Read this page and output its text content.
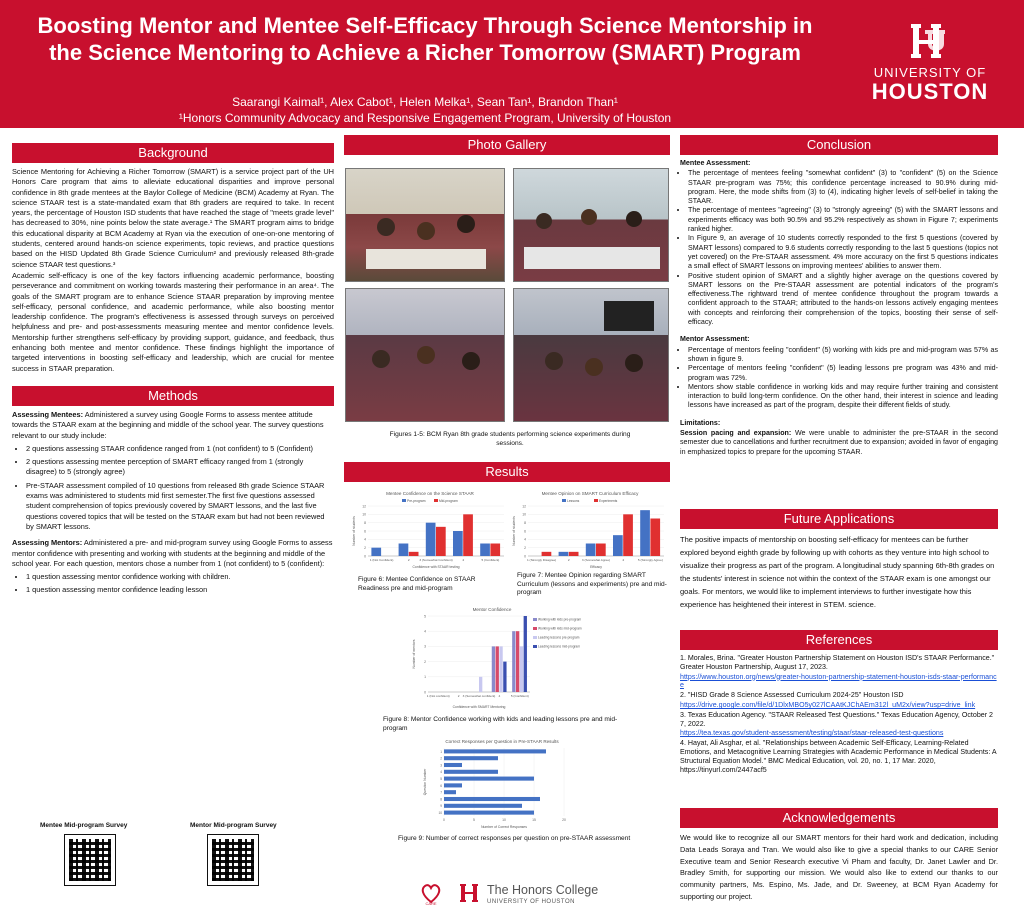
Boosting Mentor and Mentee Self-Efficacy Through Science Mentorship in the Science Mentoring to Achieve a Richer Tomorrow (SMART) Program
Saarangi Kaimal¹, Alex Cabot¹, Helen Melka¹, Sean Tan¹, Brandon Than¹
¹Honors Community Advocacy and Responsive Engagement Program, University of Houston
UNIVERSITY OF
HOUSTON
Background

Science Mentoring for Achieving a Richer Tomorrow (SMART) is a service project part of the UH Honors Care program that aims to alleviate educational disparities and improve personal confidence in 8th grade mentees at the Baylor College of Medicine (BCM) Academy at Ryan. The science STAAR test is a state-mandated exam that 8th graders are required to take. In recent years, the percentage of Houston ISD students that have reached the stage of "meets grade level" has decreased to 30%, nine points below the state average.¹ The SMART program aims to bridge this educational disparity at BCM Academy at Ryan via the execution of one-on-one mentoring of students, centered around hands-on science experiments, topic reviews, and practice questions based on the HISD Updated 8th Grade Science Curriculum² and previously released 8th-grade science STAAR test questions.³

Academic self-efficacy is one of the key factors influencing academic performance, boosting perseverance and commitment on working towards mastering their performance in an area⁴. The goals of the SMART program are to enhance Science STAAR preparation by improving mentee self-efficacy, personal confidence, and academic performance, while also boosting mentor leadership confidence. The program's effectiveness is assessed through surveys on perceived helpfulness and pre- and post-assessments measuring mentee and mentor confidence levels. Mentorship further strengthens self-efficacy by providing support, guidance, and feedback, thus enhancing both mentee and mentor confidence. These findings highlight the importance of targeted interventions in boosting self-efficacy and leadership, which are crucial for mentee success in STAAR preparation.

Methods

Assessing Mentees: Administered a survey using Google Forms to assess mentee attitude towards the STAAR exam at the beginning and middle of the school year. The survey questions relevant to our study include:

• 2 questions assessing STAAR confidence ranged from 1 (not confident) to 5 (Confident)
• 2 questions assessing mentee perception of SMART efficacy ranged from 1 (strongly disagree) to 5 (strongly agree)
• Pre-STAAR assessment compiled of 10 questions from released 8th grade Science STAAR exams was administered to students mid first semester.The first five questions assessed student comprehension of topics previously covered by SMART lessons, and the last five questions covered topics that will be tested on the STAAR exam but had not been reviewed by SMART lessons.

Assessing Mentors: Administered a pre- and mid-program survey using Google Forms to assess mentor confidence with presenting and working with students at the beginning and middle of the school year. For each question, mentors chose a number from 1 (not confident) to 5 (confident):

• 1 question assessing mentor confidence working with children.
• 1 question assessing mentor confidence leading lesson
Mentee Mid-program Survey	Mentor Mid-program Survey
Photo Gallery
Figures 1-5: BCM Ryan 8th grade students performing science experiments during sessions.
Results
Mentee Confidence on the Science STAAR
0
2
4
6
8
10
12
1 (Not Confident)	2	3 (Somewhat Confident)	4	5 (Confident)
Confidence with STAAR testing
Number of students
Pre-program	Mid-program
Figure 6: Mentee Confidence on STAAR Readiness pre and mid-program
Mentee Opinion on SMART Curriculum Efficacy
0
2
4
6
8
10
12
1 (Strongly Disagree)	2	3 (Somewhat Agree)	4	5 (Strongly Agree)
Efficacy
Number of students
Lessons	Experiments
Figure 7: Mentee Opinion regarding SMART Curriculum (lessons and experiments) pre and mid-program
Mentor Confidence
0
1
2
3
4
5
1 (Not confident)	2 3 (Somewhat confident) 4	5 (Confident)
Confidence with SMART Mentoring
Number of mentors
Working with kids pre-program
Working with kids mid-program
Leading lessons pre-program
Leading lessons mid-program
Figure 8: Mentor Confidence working with kids and leading lessons pre and mid-program
Correct Responses per Question in Pre-STAAR Results
0	5	10	15	20
1
2
3
4
5
6
7
8
9
10
Number of Correct Responses
Question Number
Figure 9: Number of correct responses per question on pre-STAAR assessment
CARE
The Honors College
UNIVERSITY OF HOUSTON
Conclusion

Mentee Assessment:

• The percentage of mentees feeling "somewhat confident" (3) to "confident" (5) on the Science STAAR pre-program was 75%; this confidence percentage increased to 90.9% during mid-program. Here, the mode shifts from (3) to (4), indicating higher levels of self-belief in taking the STAAR.
• The percentage of mentees "agreeing" (3) to "strongly agreeing" (5) with the SMART lessons and experiments efficacy was both 90.5% and 95.2% respectively as shown in Figure 7; experiments ranked higher.
• In Figure 9, an average of 10 students correctly responded to the first 5 questions (covered by SMART lessons) compared to 9.6 students correctly responding to the last 5 questions (topics not yet covered) on the Pre-STAAR assessment. 4% more accuracy on the first 5 questions indicates a small effect of SMART lessons on improving mentees' abilities to answer them.
• Positive student opinion of SMART and a slightly higher average on the questions covered by SMART lessons on the Pre-STAAR assessment are potential indicators of the program's effectiveness.The rightward trend of mentee confidence throughout the program towards a confident approach to the STAAR; attributed to the hands-on lessons actively engaging mentees with concepts and reinforcing their comprehension of the topics, boosting their sense of self-efficacy.

Mentor Assessment:

• Percentage of mentors feeling "confident" (5) working with kids pre and mid-program was 57% as shown in figure 9.
• Percentage of mentors feeling "confident" (5) leading lessons pre program was 43% and mid-program was 72%.
• Mentors show stable confidence in working kids and may require further training and consistent interaction to build long-term confidence. On the other hand, their interest in science and leading lessons have increased as part of the program, despite their different fields of study.

Limitations:

Session pacing and expansion: We were unable to administer the pre-STAAR in the second semester due to cancellations and further recruitment due to expansion; avoided in favor of engaging in emphasized topics to prepare for the upcoming STAAR.

Future Applications
The positive impacts of mentorship on boosting self-efficacy for mentees can be further explored beyond eighth grade by following up with cohorts as they venture into high school to visualize their progress as part of the program. A longitudinal study spanning 6th-8th grades on the students' interest in science not within the context of the STAAR exam is one amongst our goals. For mentors, we would like to implement interviews to further investigate how this experience has heightened their interest in STEM. science.
References

1. Morales, Brina. "Greater Houston Partnership Statement on Houston ISD's STAAR Performance." Greater Houston Partnership, August 17, 2023.

https://www.houston.org/news/greater-houston-partnership-statement-houston-isds-staar-performance

2. "HISD Grade 8 Science Assessed Curriculum 2024-25" Houston ISD

https://drive.google.com/file/d/1DlxMBO5y027lCAAtKJChAEm312l_uM2x/view?usp=drive_link

3. Texas Education Agency. "STAAR Released Test Questions." Texas Education Agency, October 27, 2022.

https://tea.texas.gov/student-assessment/testing/staar/staar-released-test-questions

4. Hayat, Ali Asghar, et al. "Relationships between Academic Self-Efficacy, Learning-Related Emotions, and Metacognitive Learning Strategies with Academic Performance in Medical Students: A Structural Equation Model." BMC Medical Education, vol. 20, no. 1, 17 Mar. 2020, https://tinyurl.com/2447acf5

Acknowledgements
We would like to recognize all our SMART mentors for their hard work and dedication, including Data Leads Soraya and Tran. We would also like to give a special thanks to our CARE Senior Executive team and Senior Research executive Vi Pham and faculty, Dr. Janet Lawler and Dr. Bradley Smith, for supporting our mission. We would also like to extend our thanks to our community partners, Ms. Espino, Ms. Jade, and Dr. Sweeney, at BCM Ryan Academy for supporting our project.
